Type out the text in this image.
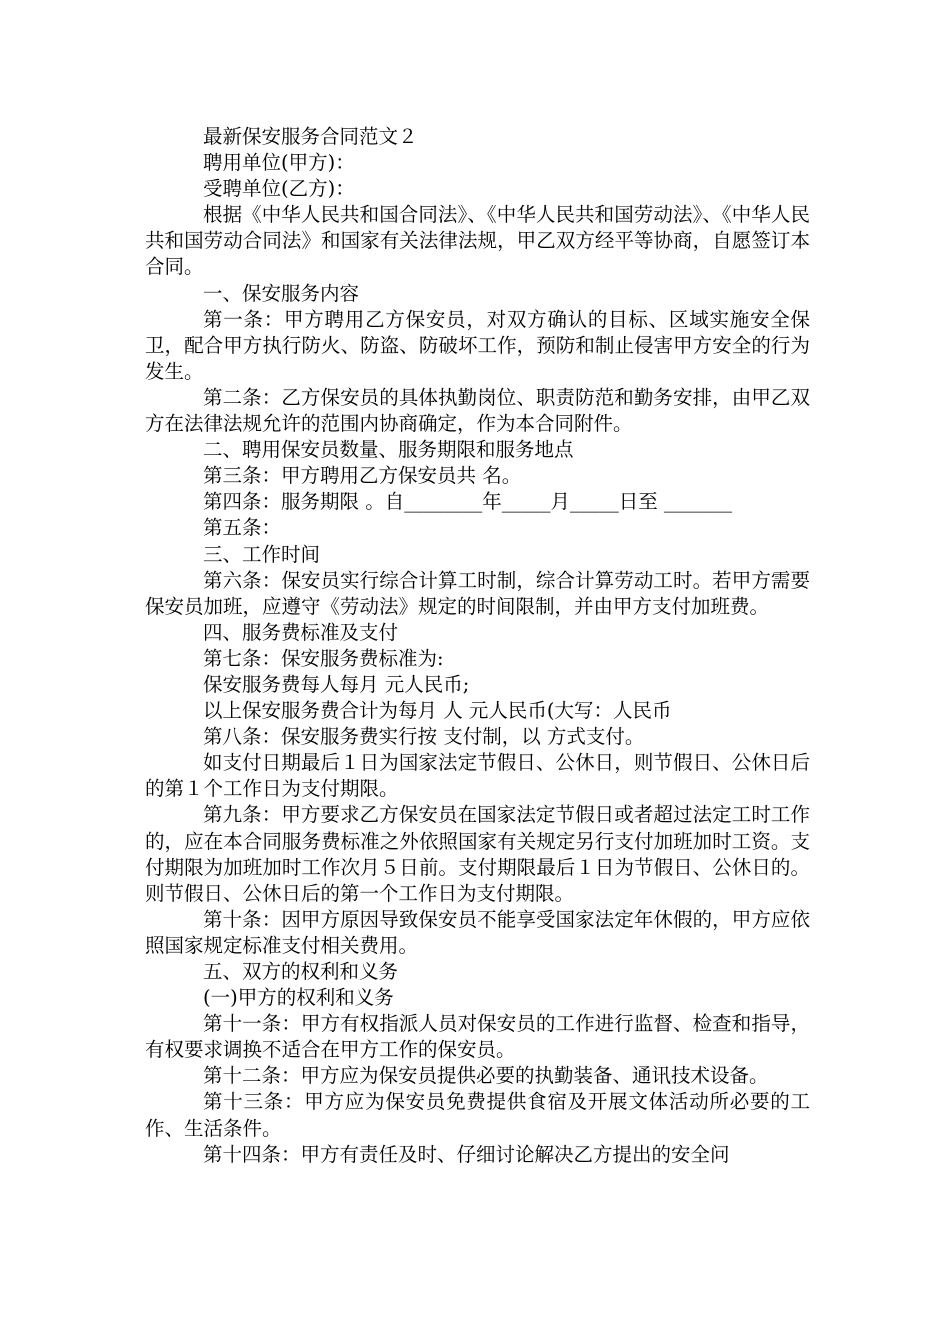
最新保安服务合同范文２

聘用单位(甲方)：

受聘单位(乙方)：

根据《中华人民共和国合同法》、《中华人民共和国劳动法》、《中华人民共和国劳动合同法》和国家有关法律法规，甲乙双方经平等协商，自愿签订本合同。

一、保安服务内容

第一条：甲方聘用乙方保安员，对双方确认的目标、区域实施安全保卫，配合甲方执行防火、防盗、防破坏工作，预防和制止侵害甲方安全的行为发生。

第二条：乙方保安员的具体执勤岗位、职责防范和勤务安排，由甲乙双方在法律法规允许的范围内协商确定，作为本合同附件。

二、聘用保安员数量、服务期限和服务地点

第三条：甲方聘用乙方保安员共 名。

第四条：服务期限 。自________年_____月_____日至 _______

第五条：

三、工作时间

第六条：保安员实行综合计算工时制，综合计算劳动工时。若甲方需要保安员加班，应遵守《劳动法》规定的时间限制，并由甲方支付加班费。

四、服务费标准及支付

第七条：保安服务费标准为:

保安服务费每人每月 元人民币;

以上保安服务费合计为每月 人 元人民币(大写：人民币

第八条：保安服务费实行按 支付制，以 方式支付。

如支付日期最后１日为国家法定节假日、公休日，则节假日、公休日后的第１个工作日为支付期限。

第九条：甲方要求乙方保安员在国家法定节假日或者超过法定工时工作的，应在本合同服务费标准之外依照国家有关规定另行支付加班加时工资。支付期限为加班加时工作次月５日前。支付期限最后１日为节假日、公休日的。则节假日、公休日后的第一个工作日为支付期限。

第十条：因甲方原因导致保安员不能享受国家法定年休假的，甲方应依照国家规定标准支付相关费用。

五、双方的权利和义务

(一)甲方的权利和义务

第十一条：甲方有权指派人员对保安员的工作进行监督、检查和指导，有权要求调换不适合在甲方工作的保安员。

第十二条：甲方应为保安员提供必要的执勤装备、通讯技术设备。

第十三条：甲方应为保安员免费提供食宿及开展文体活动所必要的工作、生活条件。

第十四条：甲方有责任及时、仔细讨论解决乙方提出的安全问
